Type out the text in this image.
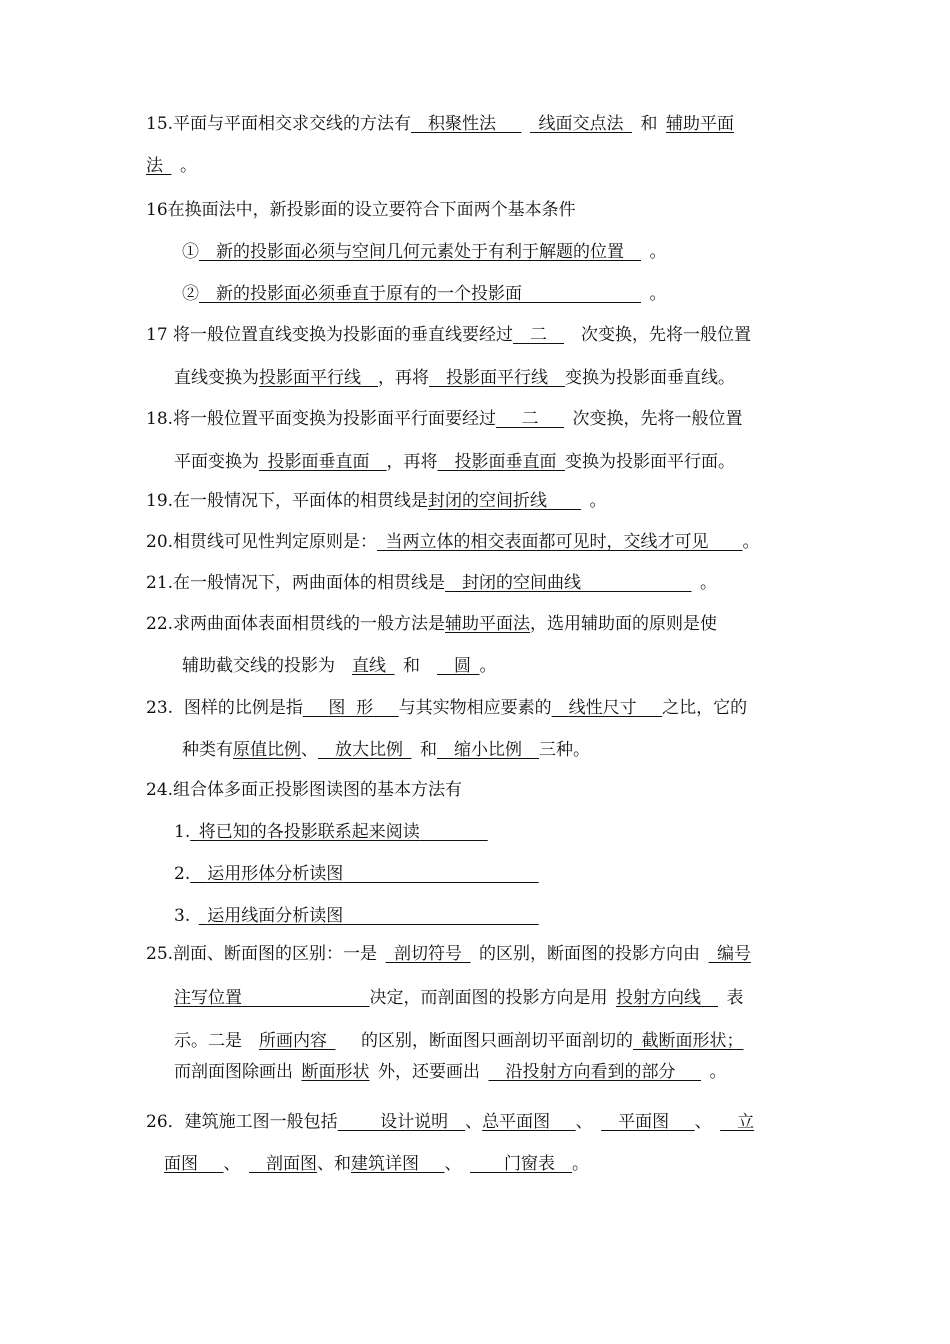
15.平面与平面相交求交线的方法有   积聚性法     	线面交点法   和  辅助平面
法   。
16在换面法中，新投影面的设立要符合下面两个基本条件
①   新的投影面必须与空间几何元素处于有利于解题的位置    。
②   新的投影面必须垂直于原有的一个投影面        	。
17 将一般位置直线变换为投影面的垂直线要经过   二    次变换，先将一般位置
直线变换为投影面平行线   ，再将   投影面平行线   变换为投影面垂直线。
18.将一般位置平面变换为投影面平行面要经过    二     次变换，先将一般位置
平面变换为  投影面垂直面   ，再将   投影面垂直面  变换为投影面平行面。
19.在一般情况下，平面体的相贯线是封闭的空间折线     	。
20.相贯线可见性判定原则是：  当两立体的相交表面都可见时，交线才可见     。
21.在一般情况下，两曲面体的相贯线是   封闭的空间曲线        	。
22.求两曲面体表面相贯线的一般方法是辅助平面法，选用辅助面的原则是使
辅助截交线的投影为  直线   和    圆  。
23.  图样的比例是指    图  形    与其实物相应要素的   线性尺寸    之比，它的
种类有原值比例、   放大比例   和   缩小比例   三种。
24.组合体多面正投影图读图的基本方法有
1.  将已知的各投影联系起来阅读    
2.   运用形体分析读图            
3.   运用线面分析读图            
25.剖面、断面图的区别：一是   剖切符号   的区别，断面图的投影方向由   编号
注写位置        	决定，而剖面图的投影方向是用  投射方向线    表
示。二是   所画内容    的区别，断面图只画剖切平面剖切的  截断面形状；
而剖面图除画出  断面形状  外，还要画出    沿投射方向看到的部分    。
26．建筑施工图一般包括   	设计说明   、总平面图   、    平面图   、   立
面图   、    剖面图、和建筑详图   、   	门窗表  。
